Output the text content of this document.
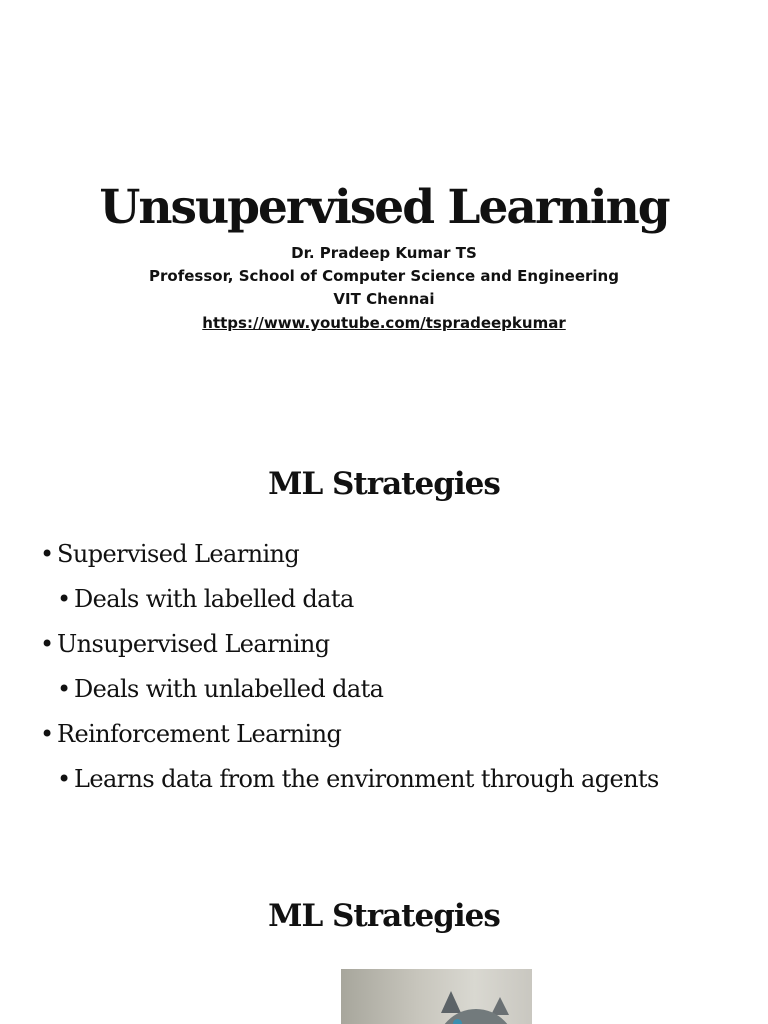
Unsupervised Learning
Dr. Pradeep Kumar TS
Professor, School of Computer Science and Engineering
VIT Chennai
https://www.youtube.com/tspradeepkumar
ML Strategies
• Supervised Learning
• Deals with labelled data
• Unsupervised Learning
• Deals with unlabelled data
• Reinforcement Learning
• Learns data from the environment through agents
ML Strategies
